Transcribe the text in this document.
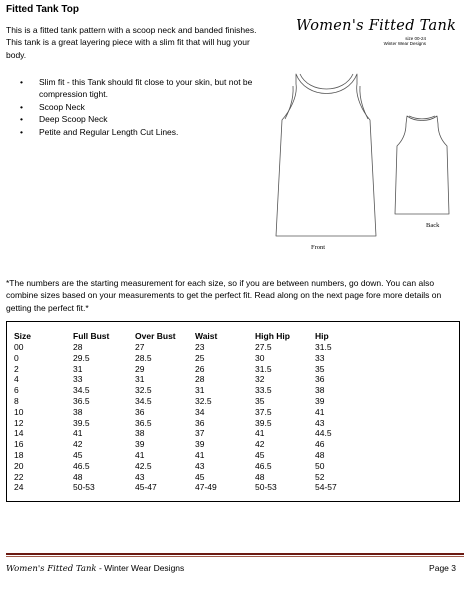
Fitted Tank Top
This is a fitted tank pattern with a scoop neck and banded finishes. This tank is a great layering piece with a slim fit that will hug your body.
• Slim fit - this Tank should fit close to your skin, but not be compression tight.
• Scoop Neck
• Deep Scoop Neck
• Petite and Regular Length Cut Lines.
Women's Fitted Tank
size 00-24
Winter Wear Designs
Front
Back
*The numbers are the starting measurement for each size, so if you are between numbers, go down. You can also combine sizes based on your measurements to get the perfect fit. Read along on the next page fore more details on getting the perfect fit.*
Size	Full Bust	Over Bust	Waist	High Hip	Hip
00	28	27	23	27.5	31.5
0	29.5	28.5	25	30	33
2	31	29	26	31.5	35
4	33	31	28	32	36
6	34.5	32.5	31	33.5	38
8	36.5	34.5	32.5	35	39
10	38	36	34	37.5	41
12	39.5	36.5	36	39.5	43
14	41	38	37	41	44.5
16	42	39	39	42	46
18	45	41	41	45	48
20	46.5	42.5	43	46.5	50
22	48	43	45	48	52
24	50-53	45-47	47-49	50-53	54-57
Women's Fitted Tank - Winter Wear Designs	Page 3
